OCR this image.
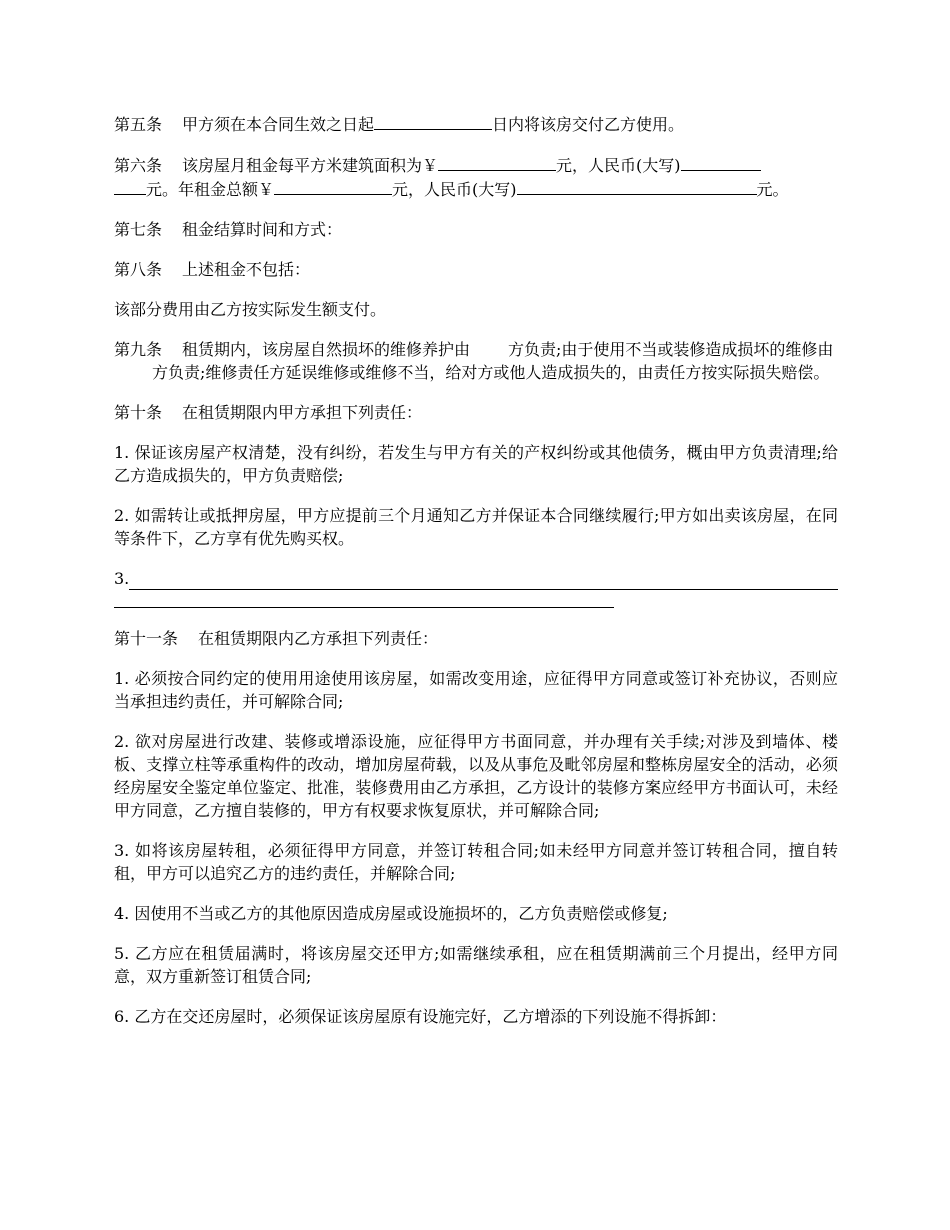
第五条 甲方须在本合同生效之日起	日内将该房交付乙方使用。

第六条 该房屋月租金每平方米建筑面积为￥	元，人民币(大写)
元。年租金总额￥	元，人民币(大写)	元。

第七条 租金结算时间和方式：

第八条 上述租金不包括：

该部分费用由乙方按实际发生额支付。

第九条 租赁期内，该房屋自然损坏的维修养护由 方负责;由于使用不当或装修造成损坏的维修由方负责;维修责任方延误维修或维修不当，给对方或他人造成损失的，由责任方按实际损失赔偿。

第十条 在租赁期限内甲方承担下列责任：

1. 保证该房屋产权清楚，没有纠纷，若发生与甲方有关的产权纠纷或其他债务，概由甲方负责清理;给乙方造成损失的，甲方负责赔偿;

2. 如需转让或抵押房屋，甲方应提前三个月通知乙方并保证本合同继续履行;甲方如出卖该房屋，在同等条件下，乙方享有优先购买权。

3.

第十一条 在租赁期限内乙方承担下列责任：

1. 必须按合同约定的使用用途使用该房屋，如需改变用途，应征得甲方同意或签订补充协议，否则应当承担违约责任，并可解除合同;

2. 欲对房屋进行改建、装修或增添设施，应征得甲方书面同意，并办理有关手续;对涉及到墙体、楼板、支撑立柱等承重构件的改动，增加房屋荷载，以及从事危及毗邻房屋和整栋房屋安全的活动，必须经房屋安全鉴定单位鉴定、批准，装修费用由乙方承担，乙方设计的装修方案应经甲方书面认可，未经甲方同意，乙方擅自装修的，甲方有权要求恢复原状，并可解除合同;

3. 如将该房屋转租，必须征得甲方同意，并签订转租合同;如未经甲方同意并签订转租合同，擅自转租，甲方可以追究乙方的违约责任，并解除合同;

4. 因使用不当或乙方的其他原因造成房屋或设施损坏的，乙方负责赔偿或修复;

5. 乙方应在租赁届满时，将该房屋交还甲方;如需继续承租，应在租赁期满前三个月提出，经甲方同意，双方重新签订租赁合同;

6. 乙方在交还房屋时，必须保证该房屋原有设施完好，乙方增添的下列设施不得拆卸：
